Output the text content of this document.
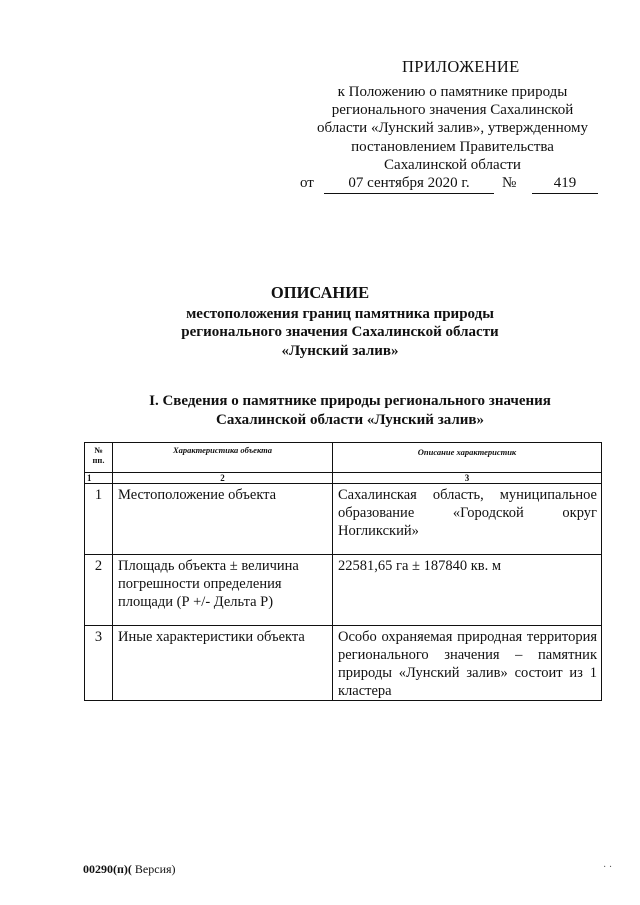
ПРИЛОЖЕНИЕ
к Положению о памятнике природы
регионального значения Сахалинской
области «Лунский залив», утвержденному
постановлением Правительства
Сахалинской области
от	07 сентября 2020 г.	№	419
ОПИСАНИЕ
местоположения границ памятника природы
регионального значения Сахалинской области
«Лунский залив»
I. Сведения о памятнике природы регионального значения
Сахалинской области «Лунский залив»
№
пп.	Характеристика объекта	Описание характеристик
1	2	3
1	Местоположение объекта	Сахалинская область, муниципальное образование «Городской округ Ногликский»
2	Площадь объекта ± величина погрешности определения площади (Р +/- Дельта Р)	22581,65 га ± 187840 кв. м
3	Иные характеристики объекта	Особо охраняемая природная территория регионального значения – памятник природы «Лунский залив» состоит из 1 кластера
00290(п)( Версия)	· ·
